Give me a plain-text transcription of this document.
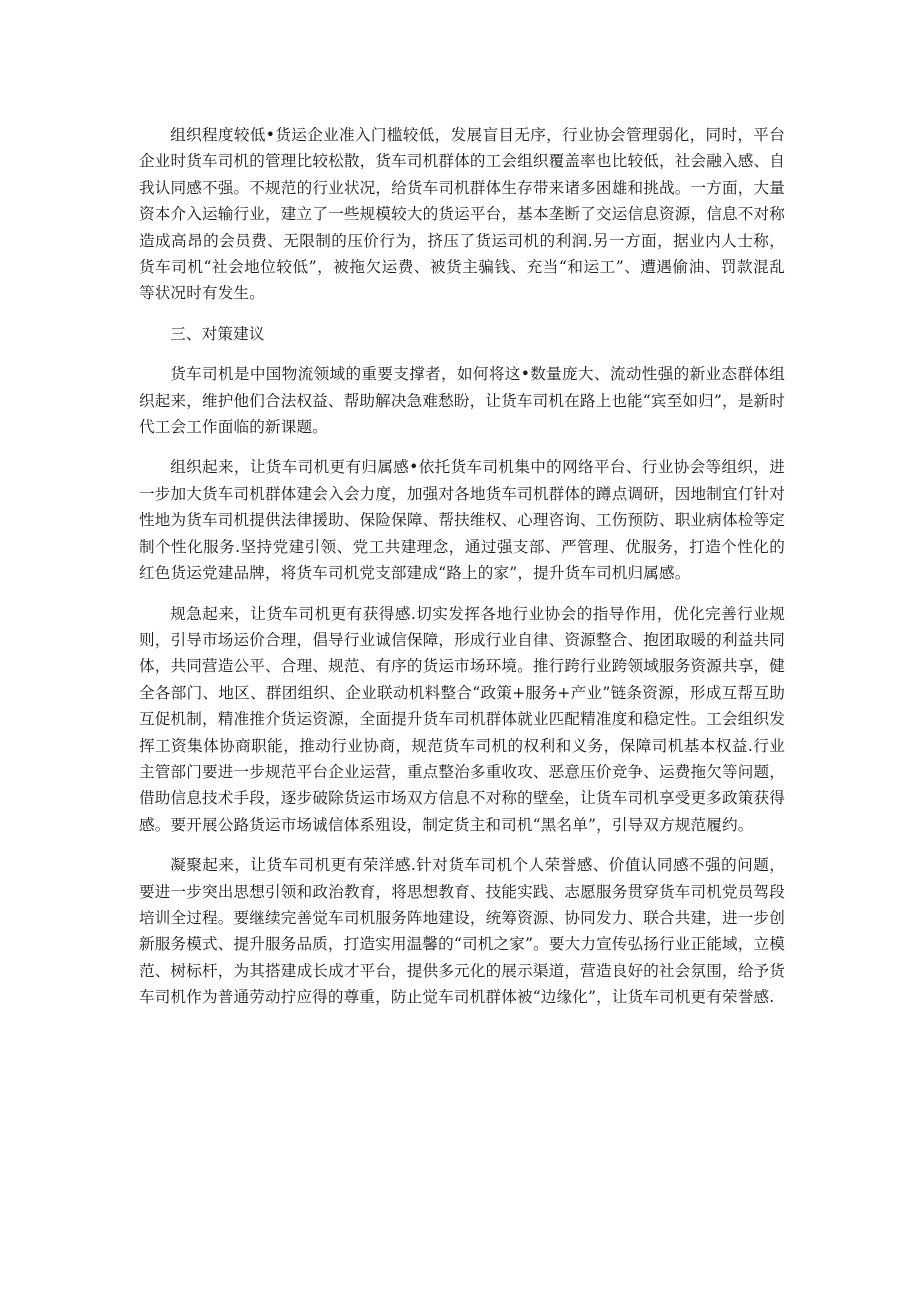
组织程度较低•货运企业准入门槛较低，发展盲目无序，行业协会管理弱化，同时，平台企业时货车司机的管理比较松散，货车司机群体的工会组织覆盖率也比较低，社会融入感、自我认同感不强。不规范的行业状况，给货车司机群体生存带来诸多困雄和挑战。一方面，大量资本介入运输行业，建立了一些规模较大的货运平台，基本垄断了交运信息资源，信息不对称造成高昂的会员费、无限制的压价行为，挤压了货运司机的利润.另一方面，据业内人士称，货车司机“社会地位较低”，被拖欠运费、被货主骗钱、充当“和运工”、遭遇偷油、罚款混乱等状况时有发生。

三、对策建议

货车司机是中国物流领域的重要支撑者，如何将这•数量庞大、流动性强的新业态群体组织起来，维护他们合法权益、帮助解决急难愁盼，让货车司机在路上也能“宾至如归”，是新时代工会工作面临的新课题。

组织起来，让货车司机更有归属感•依托货车司机集中的网络平台、行业协会等组织，进一步加大货车司机群体建会入会力度，加强对各地货车司机群体的蹲点调研，因地制宜仃针对性地为货车司机提供法律援助、保险保障、帮扶维权、心理咨询、工伤预防、职业病体检等定制个性化服务.坚持党建引领、党工共建理念，通过强支部、严管理、优服务，打造个性化的红色货运党建品牌，将货车司机党支部建成“路上的家”，提升货车司机归属感。

规急起来，让货车司机更有获得感.切实发挥各地行业协会的指导作用，优化完善行业规则，引导市场运价合理，倡导行业诚信保障，形成行业自律、资源整合、抱团取暖的利益共同体，共同营造公平、合理、规范、有序的货运市场环境。推行跨行业跨领域服务资源共享，健全各部门、地区、群团组织、企业联动机料整合“政策+服务+产业”链条资源，形成互帮互助互促机制，精准推介货运资源，全面提升货车司机群体就业匹配精准度和稳定性。工会组织发挥工资集体协商职能，推动行业协商，规范货车司机的权利和义务，保障司机基本权益.行业主管部门要进一步规范平台企业运营，重点整治多重收攻、恶意压价竞争、运费拖欠等问题，借助信息技术手段，逐步破除货运市场双方信息不对称的壁垒，让货车司机享受更多政策获得感。要开展公路货运市场诚信体系殂设，制定货主和司机“黑名单”，引导双方规范履约。

凝聚起来，让货车司机更有荣洋感.针对货车司机个人荣誉感、价值认同感不强的问题，要进一步突出思想引领和政治教育，将思想教育、技能实践、志愿服务贯穿货车司机党员驾段培训全过程。要继续完善觉车司机服务阵地建设，统筹资源、协同发力、联合共建，进一步创新服务模式、提升服务品质，打造实用温馨的“司机之家”。要大力宣传弘扬行业正能域，立模范、树标杆，为其搭建成长成才平台，提供多元化的展示渠道，营造良好的社会氛围，给予货车司机作为普通劳动拧应得的尊重，防止觉车司机群体被“边缘化”，让货车司机更有荣誉感.
